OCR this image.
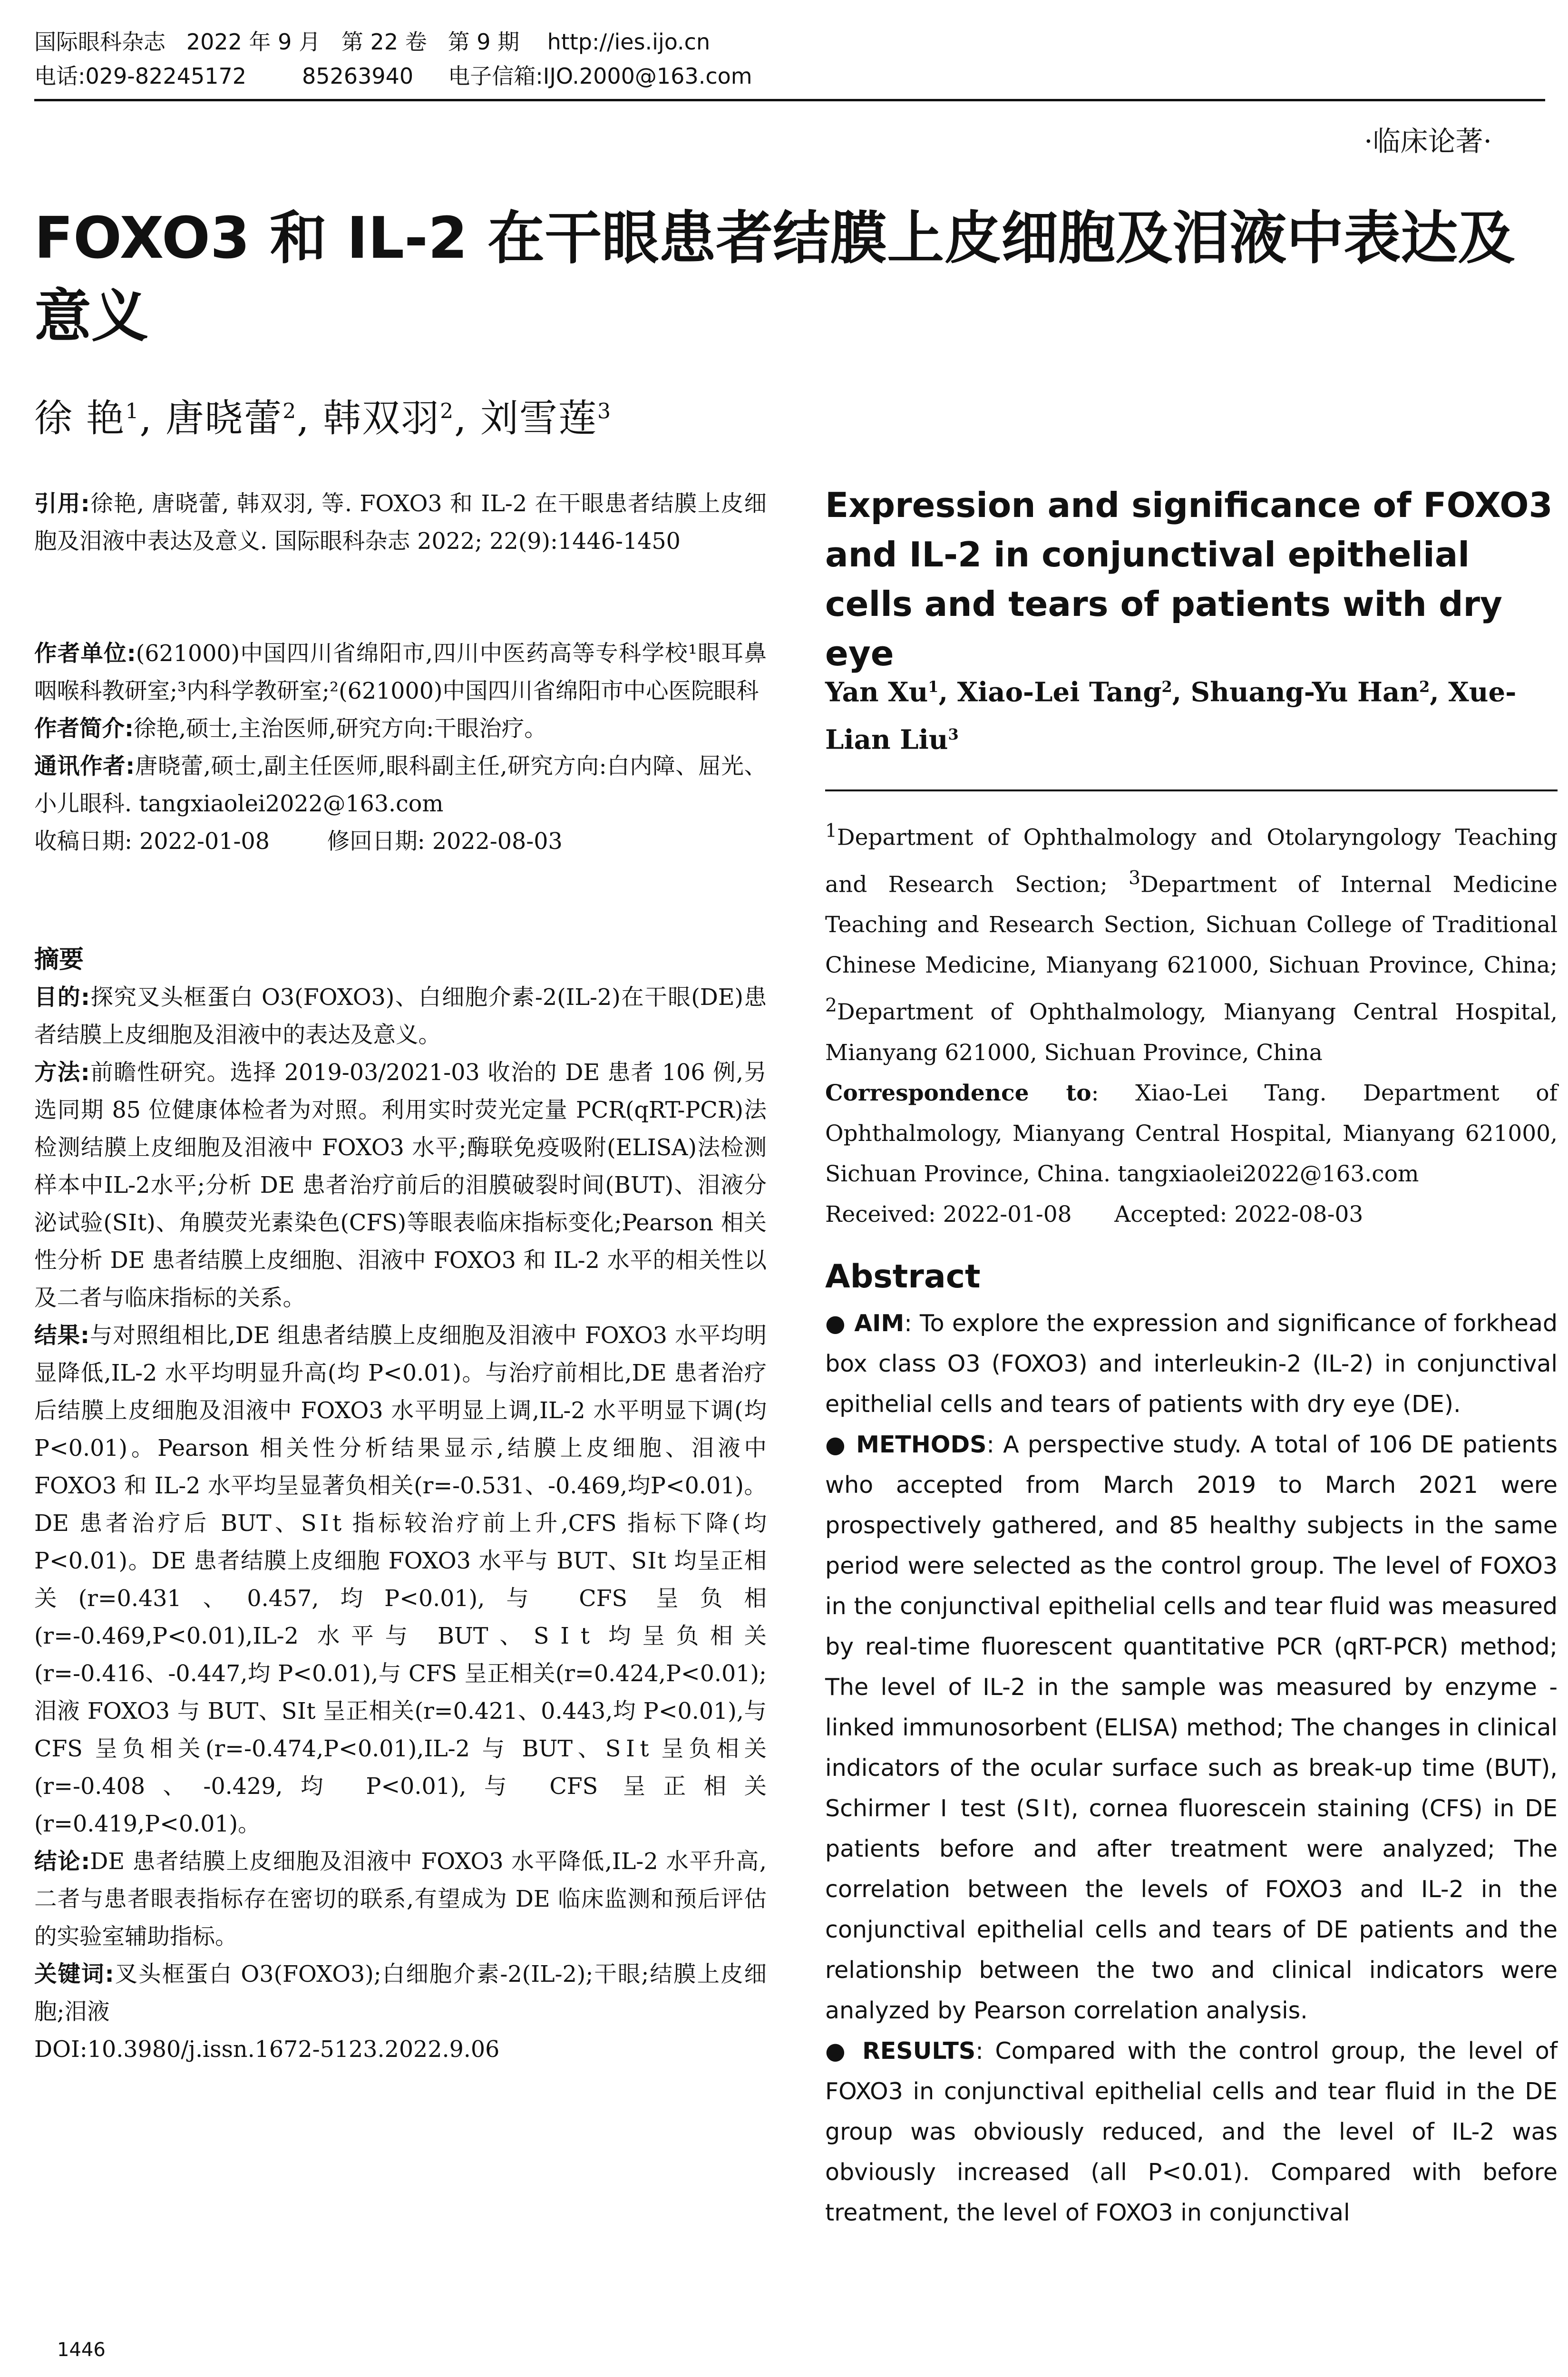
国际眼科杂志   2022 年 9 月   第 22 卷   第 9 期    http://ies.ijo.cn
电话:029-82245172        85263940     电子信箱:IJO.2000@163.com
·临床论著·
FOXO3 和 IL-2 在干眼患者结膜上皮细胞及泪液中表达及意义
徐 艳$^1$, 唐晓蕾$^2$, 韩双羽$^2$, 刘雪莲$^3$
引用:徐艳, 唐晓蕾, 韩双羽, 等. FOXO3 和 IL-2 在干眼患者结膜上皮细胞及泪液中表达及意义. 国际眼科杂志 2022; 22(9):1446-1450
作者单位:(621000)中国四川省绵阳市,四川中医药高等专科学校¹眼耳鼻咽喉科教研室;³内科学教研室;²(621000)中国四川省绵阳市中心医院眼科
作者简介:徐艳,硕士,主治医师,研究方向:干眼治疗。
通讯作者:唐晓蕾,硕士,副主任医师,眼科副主任,研究方向:白内障、屈光、小儿眼科. tangxiaolei2022@163.com
收稿日期: 2022-01-08        修回日期: 2022-08-03
摘要
目的:探究叉头框蛋白 O3(FOXO3)、白细胞介素-2(IL-2)在干眼(DE)患者结膜上皮细胞及泪液中的表达及意义。
方法:前瞻性研究。选择 2019-03/2021-03 收治的 DE 患者 106 例,另选同期 85 位健康体检者为对照。利用实时荧光定量 PCR(qRT-PCR)法检测结膜上皮细胞及泪液中 FOXO3 水平;酶联免疫吸附(ELISA)法检测样本中IL-2水平;分析 DE 患者治疗前后的泪膜破裂时间(BUT)、泪液分泌试验(SⅠt)、角膜荧光素染色(CFS)等眼表临床指标变化;Pearson 相关性分析 DE 患者结膜上皮细胞、泪液中 FOXO3 和 IL-2 水平的相关性以及二者与临床指标的关系。
结果:与对照组相比,DE 组患者结膜上皮细胞及泪液中 FOXO3 水平均明显降低,IL-2 水平均明显升高(均 P<0.01)。与治疗前相比,DE 患者治疗后结膜上皮细胞及泪液中 FOXO3 水平明显上调,IL-2 水平明显下调(均 P<0.01)。Pearson 相关性分析结果显示,结膜上皮细胞、泪液中 FOXO3 和 IL-2 水平均呈显著负相关(r=-0.531、-0.469,均P<0.01)。DE 患者治疗后 BUT、SⅠt 指标较治疗前上升,CFS 指标下降(均 P<0.01)。DE 患者结膜上皮细胞 FOXO3 水平与 BUT、SⅠt 均呈正相关(r=0.431、0.457,均P<0.01),与 CFS 呈负相(r=-0.469,P<0.01),IL-2 水平与 BUT、SⅠt 均呈负相关(r=-0.416、-0.447,均 P<0.01),与 CFS 呈正相关(r=0.424,P<0.01);泪液 FOXO3 与 BUT、SⅠt 呈正相关(r=0.421、0.443,均 P<0.01),与 CFS 呈负相关(r=-0.474,P<0.01),IL-2 与 BUT、SⅠt 呈负相关(r=-0.408、-0.429,均 P<0.01),与 CFS 呈正相关(r=0.419,P<0.01)。
结论:DE 患者结膜上皮细胞及泪液中 FOXO3 水平降低,IL-2 水平升高,二者与患者眼表指标存在密切的联系,有望成为 DE 临床监测和预后评估的实验室辅助指标。
关键词:叉头框蛋白 O3(FOXO3);白细胞介素-2(IL-2);干眼;结膜上皮细胞;泪液
DOI:10.3980/j.issn.1672-5123.2022.9.06
Expression and significance of FOXO3 and IL-2 in conjunctival epithelial cells and tears of patients with dry eye
Yan Xu$^1$, Xiao-Lei Tang$^2$, Shuang-Yu Han$^2$, Xue-Lian Liu$^3$
$^1$Department of Ophthalmology and Otolaryngology Teaching and Research Section; $^3$Department of Internal Medicine Teaching and Research Section, Sichuan College of Traditional Chinese Medicine, Mianyang 621000, Sichuan Province, China; $^2$Department of Ophthalmology, Mianyang Central Hospital, Mianyang 621000, Sichuan Province, China
Correspondence to: Xiao-Lei Tang. Department of Ophthalmology, Mianyang Central Hospital, Mianyang 621000, Sichuan Province, China. tangxiaolei2022@163.com
Received: 2022-01-08      Accepted: 2022-08-03
Abstract
● AIM: To explore the expression and significance of forkhead box class O3 (FOXO3) and interleukin-2 (IL-2) in conjunctival epithelial cells and tears of patients with dry eye (DE).
● METHODS: A perspective study. A total of 106 DE patients who accepted from March 2019 to March 2021 were prospectively gathered, and 85 healthy subjects in the same period were selected as the control group. The level of FOXO3 in the conjunctival epithelial cells and tear fluid was measured by real-time fluorescent quantitative PCR (qRT-PCR) method; The level of IL-2 in the sample was measured by enzyme - linked immunosorbent (ELISA) method; The changes in clinical indicators of the ocular surface such as break-up time (BUT), Schirmer Ⅰ test (SⅠt), cornea fluorescein staining (CFS) in DE patients before and after treatment were analyzed; The correlation between the levels of FOXO3 and IL-2 in the conjunctival epithelial cells and tears of DE patients and the relationship between the two and clinical indicators were analyzed by Pearson correlation analysis.
● RESULTS: Compared with the control group, the level of FOXO3 in conjunctival epithelial cells and tear fluid in the DE group was obviously reduced, and the level of IL-2 was obviously increased (all P<0.01). Compared with before treatment, the level of FOXO3 in conjunctival
1446
